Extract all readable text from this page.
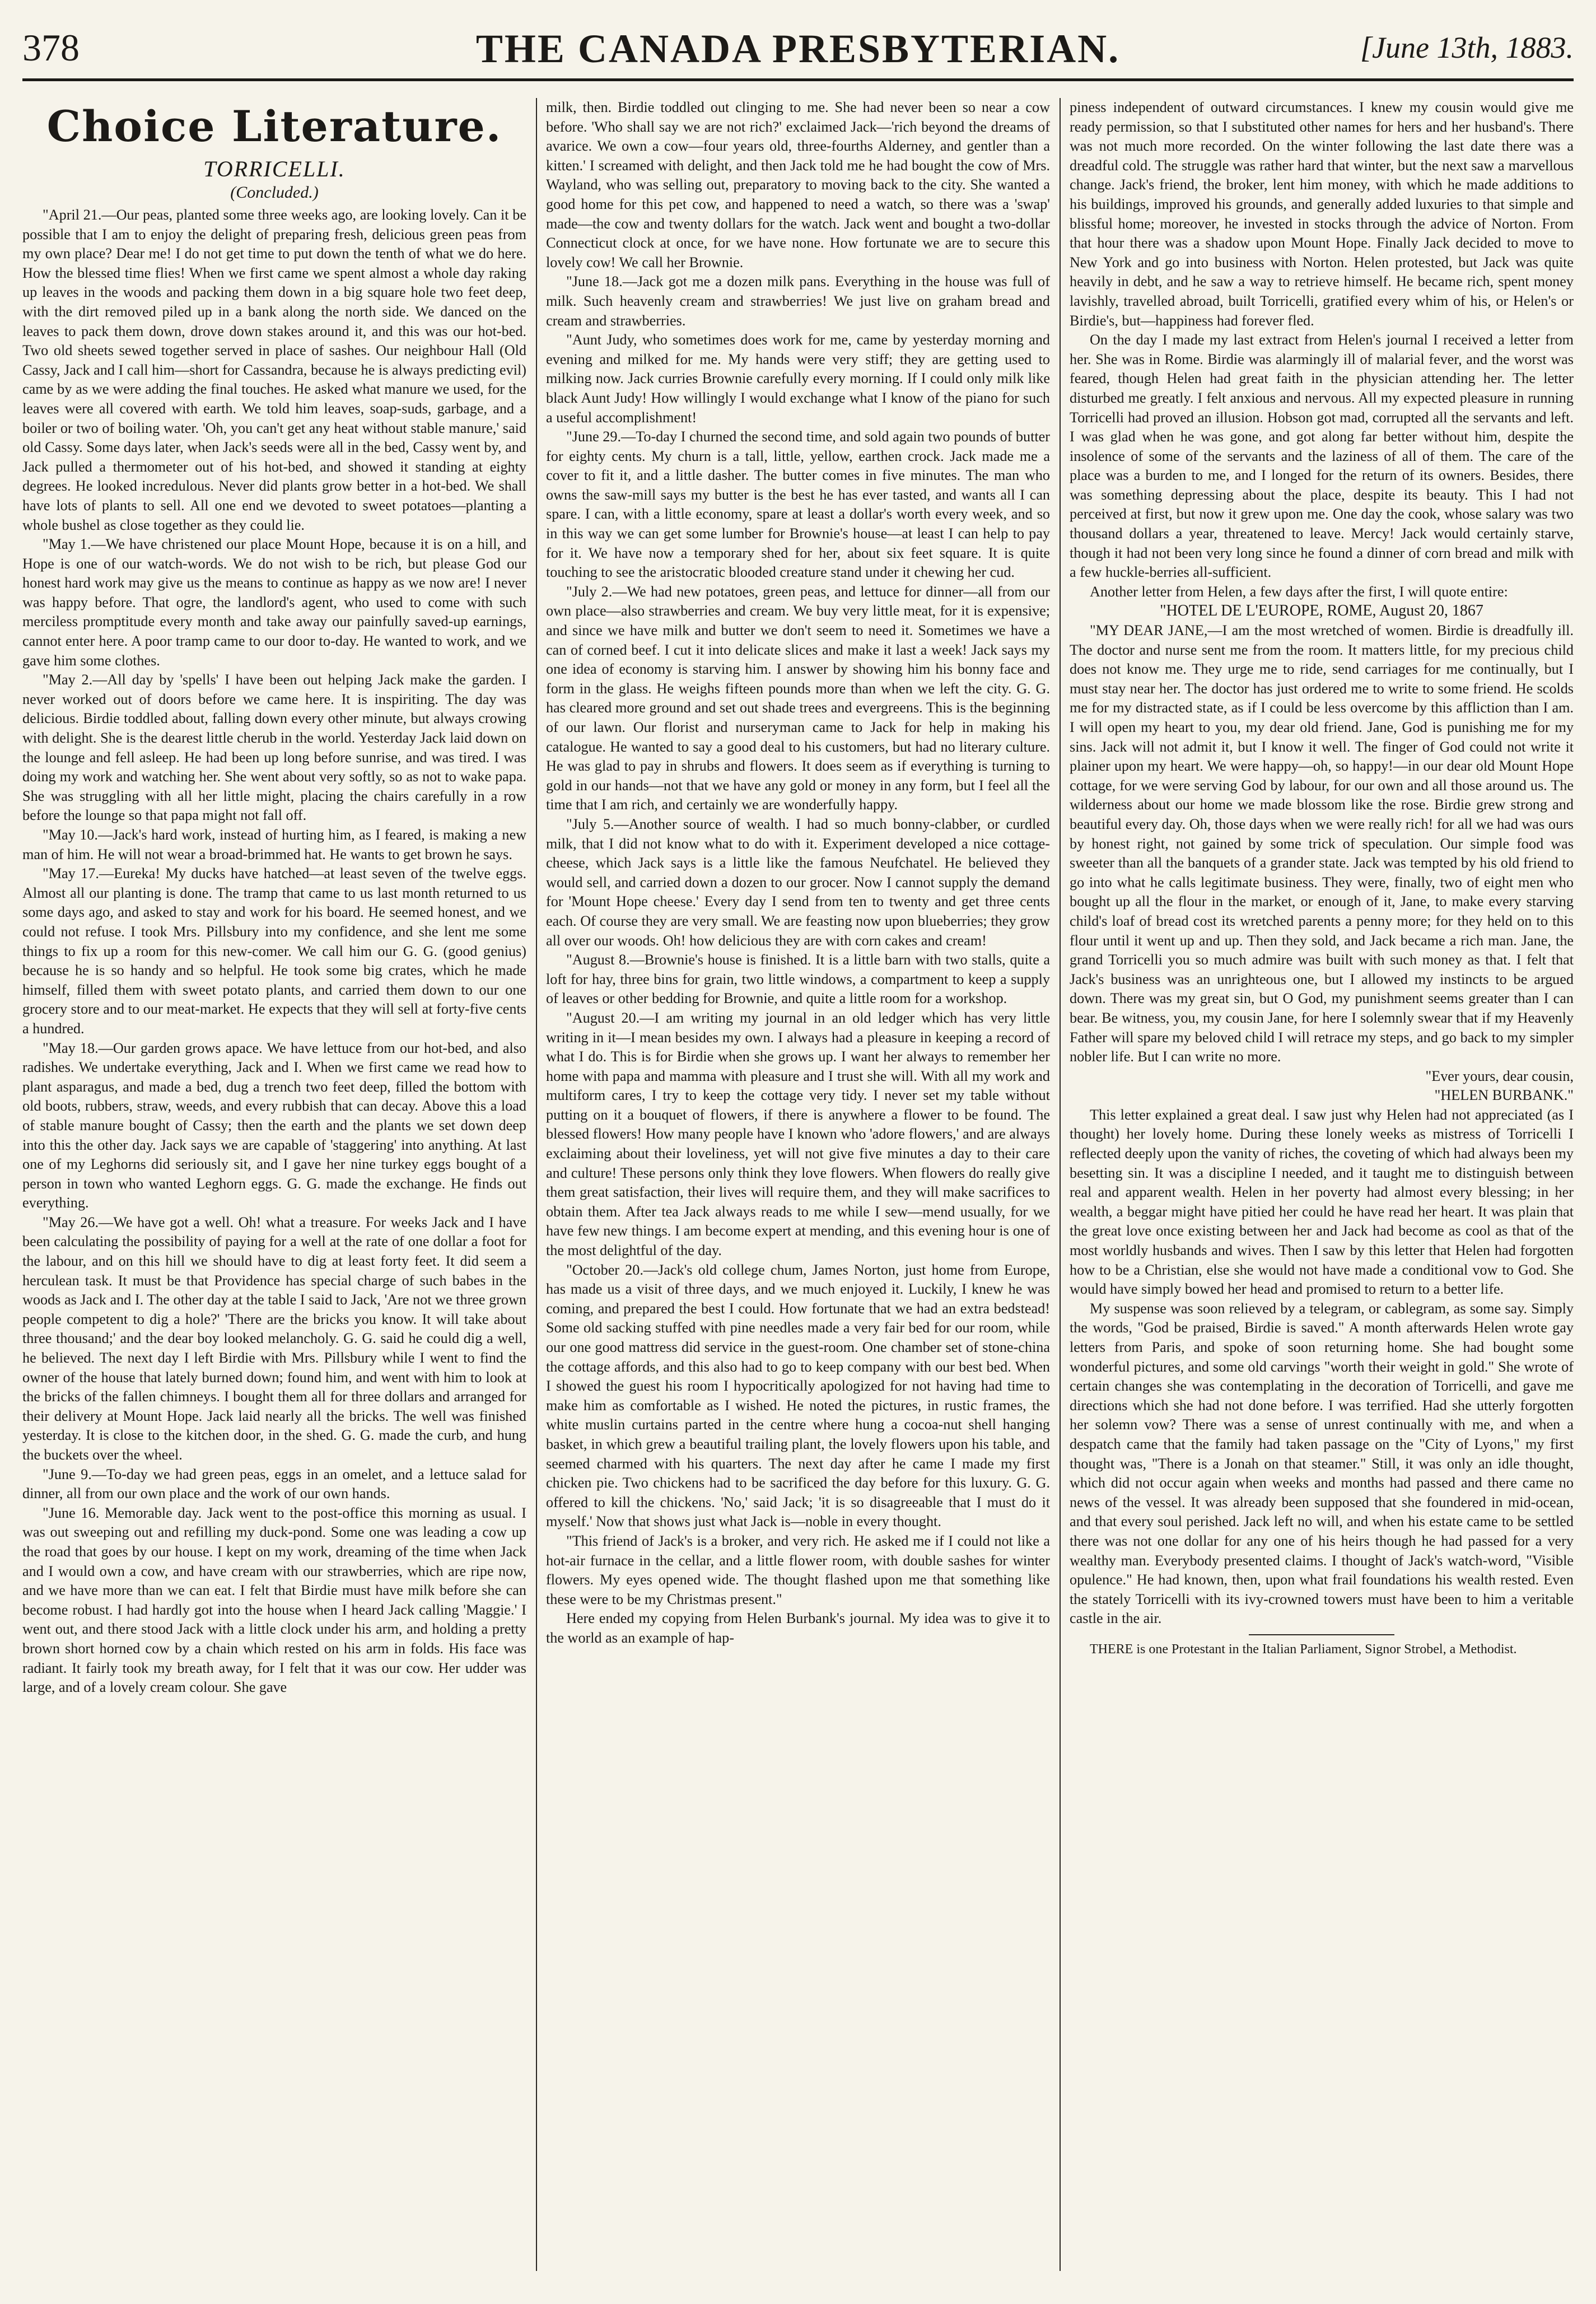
378	THE CANADA PRESBYTERIAN.	[June 13th, 1883.
Choice Literature.
TORRICELLI.
(Concluded.)

"April 21.—Our peas, planted some three weeks ago, are looking lovely. Can it be possible that I am to enjoy the delight of preparing fresh, delicious green peas from my own place? Dear me! I do not get time to put down the tenth of what we do here. How the blessed time flies! When we first came we spent almost a whole day raking up leaves in the woods and packing them down in a big square hole two feet deep, with the dirt removed piled up in a bank along the north side. We danced on the leaves to pack them down, drove down stakes around it, and this was our hot-bed. Two old sheets sewed together served in place of sashes. Our neighbour Hall (Old Cassy, Jack and I call him—short for Cassandra, because he is always predicting evil) came by as we were adding the final touches. He asked what manure we used, for the leaves were all covered with earth. We told him leaves, soap-suds, garbage, and a boiler or two of boiling water. 'Oh, you can't get any heat without stable manure,' said old Cassy. Some days later, when Jack's seeds were all in the bed, Cassy went by, and Jack pulled a thermometer out of his hot-bed, and showed it standing at eighty degrees. He looked incredulous. Never did plants grow better in a hot-bed. We shall have lots of plants to sell. All one end we devoted to sweet potatoes—planting a whole bushel as close together as they could lie.

"May 1.—We have christened our place Mount Hope, because it is on a hill, and Hope is one of our watch-words. We do not wish to be rich, but please God our honest hard work may give us the means to continue as happy as we now are! I never was happy before. That ogre, the landlord's agent, who used to come with such merciless promptitude every month and take away our painfully saved-up earnings, cannot enter here. A poor tramp came to our door to-day. He wanted to work, and we gave him some clothes.

"May 2.—All day by 'spells' I have been out helping Jack make the garden. I never worked out of doors before we came here. It is inspiriting. The day was delicious. Birdie toddled about, falling down every other minute, but always crowing with delight. She is the dearest little cherub in the world. Yesterday Jack laid down on the lounge and fell asleep. He had been up long before sunrise, and was tired. I was doing my work and watching her. She went about very softly, so as not to wake papa. She was struggling with all her little might, placing the chairs carefully in a row before the lounge so that papa might not fall off.

"May 10.—Jack's hard work, instead of hurting him, as I feared, is making a new man of him. He will not wear a broad-brimmed hat. He wants to get brown he says.

"May 17.—Eureka! My ducks have hatched—at least seven of the twelve eggs. Almost all our planting is done. The tramp that came to us last month returned to us some days ago, and asked to stay and work for his board. He seemed honest, and we could not refuse. I took Mrs. Pillsbury into my confidence, and she lent me some things to fix up a room for this new-comer. We call him our G. G. (good genius) because he is so handy and so helpful. He took some big crates, which he made himself, filled them with sweet potato plants, and carried them down to our one grocery store and to our meat-market. He expects that they will sell at forty-five cents a hundred.

"May 18.—Our garden grows apace. We have lettuce from our hot-bed, and also radishes. We undertake everything, Jack and I. When we first came we read how to plant asparagus, and made a bed, dug a trench two feet deep, filled the bottom with old boots, rubbers, straw, weeds, and every rubbish that can decay. Above this a load of stable manure bought of Cassy; then the earth and the plants we set down deep into this the other day. Jack says we are capable of 'staggering' into anything. At last one of my Leghorns did seriously sit, and I gave her nine turkey eggs bought of a person in town who wanted Leghorn eggs. G. G. made the exchange. He finds out everything.

"May 26.—We have got a well. Oh! what a treasure. For weeks Jack and I have been calculating the possibility of paying for a well at the rate of one dollar a foot for the labour, and on this hill we should have to dig at least forty feet. It did seem a herculean task. It must be that Providence has special charge of such babes in the woods as Jack and I. The other day at the table I said to Jack, 'Are not we three grown people competent to dig a hole?' 'There are the bricks you know. It will take about three thousand;' and the dear boy looked melancholy. G. G. said he could dig a well, he believed. The next day I left Birdie with Mrs. Pillsbury while I went to find the owner of the house that lately burned down; found him, and went with him to look at the bricks of the fallen chimneys. I bought them all for three dollars and arranged for their delivery at Mount Hope. Jack laid nearly all the bricks. The well was finished yesterday. It is close to the kitchen door, in the shed. G. G. made the curb, and hung the buckets over the wheel.

"June 9.—To-day we had green peas, eggs in an omelet, and a lettuce salad for dinner, all from our own place and the work of our own hands.

"June 16. Memorable day. Jack went to the post-office this morning as usual. I was out sweeping out and refilling my duck-pond. Some one was leading a cow up the road that goes by our house. I kept on my work, dreaming of the time when Jack and I would own a cow, and have cream with our strawberries, which are ripe now, and we have more than we can eat. I felt that Birdie must have milk before she can become robust. I had hardly got into the house when I heard Jack calling 'Maggie.' I went out, and there stood Jack with a little clock under his arm, and holding a pretty brown short horned cow by a chain which rested on his arm in folds. His face was radiant. It fairly took my breath away, for I felt that it was our cow. Her udder was large, and of a lovely cream colour. She gave

milk, then. Birdie toddled out clinging to me. She had never been so near a cow before. 'Who shall say we are not rich?' exclaimed Jack—'rich beyond the dreams of avarice. We own a cow—four years old, three-fourths Alderney, and gentler than a kitten.' I screamed with delight, and then Jack told me he had bought the cow of Mrs. Wayland, who was selling out, preparatory to moving back to the city. She wanted a good home for this pet cow, and happened to need a watch, so there was a 'swap' made—the cow and twenty dollars for the watch. Jack went and bought a two-dollar Connecticut clock at once, for we have none. How fortunate we are to secure this lovely cow! We call her Brownie.

"June 18.—Jack got me a dozen milk pans. Everything in the house was full of milk. Such heavenly cream and strawberries! We just live on graham bread and cream and strawberries.

"Aunt Judy, who sometimes does work for me, came by yesterday morning and evening and milked for me. My hands were very stiff; they are getting used to milking now. Jack curries Brownie carefully every morning. If I could only milk like black Aunt Judy! How willingly I would exchange what I know of the piano for such a useful accomplishment!

"June 29.—To-day I churned the second time, and sold again two pounds of butter for eighty cents. My churn is a tall, little, yellow, earthen crock. Jack made me a cover to fit it, and a little dasher. The butter comes in five minutes. The man who owns the saw-mill says my butter is the best he has ever tasted, and wants all I can spare. I can, with a little economy, spare at least a dollar's worth every week, and so in this way we can get some lumber for Brownie's house—at least I can help to pay for it. We have now a temporary shed for her, about six feet square. It is quite touching to see the aristocratic blooded creature stand under it chewing her cud.

"July 2.—We had new potatoes, green peas, and lettuce for dinner—all from our own place—also strawberries and cream. We buy very little meat, for it is expensive; and since we have milk and butter we don't seem to need it. Sometimes we have a can of corned beef. I cut it into delicate slices and make it last a week! Jack says my one idea of economy is starving him. I answer by showing him his bonny face and form in the glass. He weighs fifteen pounds more than when we left the city. G. G. has cleared more ground and set out shade trees and evergreens. This is the beginning of our lawn. Our florist and nurseryman came to Jack for help in making his catalogue. He wanted to say a good deal to his customers, but had no literary culture. He was glad to pay in shrubs and flowers. It does seem as if everything is turning to gold in our hands—not that we have any gold or money in any form, but I feel all the time that I am rich, and certainly we are wonderfully happy.

"July 5.—Another source of wealth. I had so much bonny-clabber, or curdled milk, that I did not know what to do with it. Experiment developed a nice cottage-cheese, which Jack says is a little like the famous Neufchatel. He believed they would sell, and carried down a dozen to our grocer. Now I cannot supply the demand for 'Mount Hope cheese.' Every day I send from ten to twenty and get three cents each. Of course they are very small. We are feasting now upon blueberries; they grow all over our woods. Oh! how delicious they are with corn cakes and cream!

"August 8.—Brownie's house is finished. It is a little barn with two stalls, quite a loft for hay, three bins for grain, two little windows, a compartment to keep a supply of leaves or other bedding for Brownie, and quite a little room for a workshop.

"August 20.—I am writing my journal in an old ledger which has very little writing in it—I mean besides my own. I always had a pleasure in keeping a record of what I do. This is for Birdie when she grows up. I want her always to remember her home with papa and mamma with pleasure and I trust she will. With all my work and multiform cares, I try to keep the cottage very tidy. I never set my table without putting on it a bouquet of flowers, if there is anywhere a flower to be found. The blessed flowers! How many people have I known who 'adore flowers,' and are always exclaiming about their loveliness, yet will not give five minutes a day to their care and culture! These persons only think they love flowers. When flowers do really give them great satisfaction, their lives will require them, and they will make sacrifices to obtain them. After tea Jack always reads to me while I sew—mend usually, for we have few new things. I am become expert at mending, and this evening hour is one of the most delightful of the day.

"October 20.—Jack's old college chum, James Norton, just home from Europe, has made us a visit of three days, and we much enjoyed it. Luckily, I knew he was coming, and prepared the best I could. How fortunate that we had an extra bedstead! Some old sacking stuffed with pine needles made a very fair bed for our room, while our one good mattress did service in the guest-room. One chamber set of stone-china the cottage affords, and this also had to go to keep company with our best bed. When I showed the guest his room I hypocritically apologized for not having had time to make him as comfortable as I wished. He noted the pictures, in rustic frames, the white muslin curtains parted in the centre where hung a cocoa-nut shell hanging basket, in which grew a beautiful trailing plant, the lovely flowers upon his table, and seemed charmed with his quarters. The next day after he came I made my first chicken pie. Two chickens had to be sacrificed the day before for this luxury. G. G. offered to kill the chickens. 'No,' said Jack; 'it is so disagreeable that I must do it myself.' Now that shows just what Jack is—noble in every thought.

"This friend of Jack's is a broker, and very rich. He asked me if I could not like a hot-air furnace in the cellar, and a little flower room, with double sashes for winter flowers. My eyes opened wide. The thought flashed upon me that something like these were to be my Christmas present."

Here ended my copying from Helen Burbank's journal. My idea was to give it to the world as an example of hap-

piness independent of outward circumstances. I knew my cousin would give me ready permission, so that I substituted other names for hers and her husband's. There was not much more recorded. On the winter following the last date there was a dreadful cold. The struggle was rather hard that winter, but the next saw a marvellous change. Jack's friend, the broker, lent him money, with which he made additions to his buildings, improved his grounds, and generally added luxuries to that simple and blissful home; moreover, he invested in stocks through the advice of Norton. From that hour there was a shadow upon Mount Hope. Finally Jack decided to move to New York and go into business with Norton. Helen protested, but Jack was quite heavily in debt, and he saw a way to retrieve himself. He became rich, spent money lavishly, travelled abroad, built Torricelli, gratified every whim of his, or Helen's or Birdie's, but—happiness had forever fled.

On the day I made my last extract from Helen's journal I received a letter from her. She was in Rome. Birdie was alarmingly ill of malarial fever, and the worst was feared, though Helen had great faith in the physician attending her. The letter disturbed me greatly. I felt anxious and nervous. All my expected pleasure in running Torricelli had proved an illusion. Hobson got mad, corrupted all the servants and left. I was glad when he was gone, and got along far better without him, despite the insolence of some of the servants and the laziness of all of them. The care of the place was a burden to me, and I longed for the return of its owners. Besides, there was something depressing about the place, despite its beauty. This I had not perceived at first, but now it grew upon me. One day the cook, whose salary was two thousand dollars a year, threatened to leave. Mercy! Jack would certainly starve, though it had not been very long since he found a dinner of corn bread and milk with a few huckle-berries all-sufficient.

Another letter from Helen, a few days after the first, I will quote entire:

"HOTEL DE L'EUROPE, ROME, August 20, 1867

"MY DEAR JANE,—I am the most wretched of women. Birdie is dreadfully ill. The doctor and nurse sent me from the room. It matters little, for my precious child does not know me. They urge me to ride, send carriages for me continually, but I must stay near her. The doctor has just ordered me to write to some friend. He scolds me for my distracted state, as if I could be less overcome by this affliction than I am. I will open my heart to you, my dear old friend. Jane, God is punishing me for my sins. Jack will not admit it, but I know it well. The finger of God could not write it plainer upon my heart. We were happy—oh, so happy!—in our dear old Mount Hope cottage, for we were serving God by labour, for our own and all those around us. The wilderness about our home we made blossom like the rose. Birdie grew strong and beautiful every day. Oh, those days when we were really rich! for all we had was ours by honest right, not gained by some trick of speculation. Our simple food was sweeter than all the banquets of a grander state. Jack was tempted by his old friend to go into what he calls legitimate business. They were, finally, two of eight men who bought up all the flour in the market, or enough of it, Jane, to make every starving child's loaf of bread cost its wretched parents a penny more; for they held on to this flour until it went up and up. Then they sold, and Jack became a rich man. Jane, the grand Torricelli you so much admire was built with such money as that. I felt that Jack's business was an unrighteous one, but I allowed my instincts to be argued down. There was my great sin, but O God, my punishment seems greater than I can bear. Be witness, you, my cousin Jane, for here I solemnly swear that if my Heavenly Father will spare my beloved child I will retrace my steps, and go back to my simpler nobler life. But I can write no more.

"Ever yours, dear cousin,

"HELEN BURBANK."

This letter explained a great deal. I saw just why Helen had not appreciated (as I thought) her lovely home. During these lonely weeks as mistress of Torricelli I reflected deeply upon the vanity of riches, the coveting of which had always been my besetting sin. It was a discipline I needed, and it taught me to distinguish between real and apparent wealth. Helen in her poverty had almost every blessing; in her wealth, a beggar might have pitied her could he have read her heart. It was plain that the great love once existing between her and Jack had become as cool as that of the most worldly husbands and wives. Then I saw by this letter that Helen had forgotten how to be a Christian, else she would not have made a conditional vow to God. She would have simply bowed her head and promised to return to a better life.

My suspense was soon relieved by a telegram, or cablegram, as some say. Simply the words, "God be praised, Birdie is saved." A month afterwards Helen wrote gay letters from Paris, and spoke of soon returning home. She had bought some wonderful pictures, and some old carvings "worth their weight in gold." She wrote of certain changes she was contemplating in the decoration of Torricelli, and gave me directions which she had not done before. I was terrified. Had she utterly forgotten her solemn vow? There was a sense of unrest continually with me, and when a despatch came that the family had taken passage on the "City of Lyons," my first thought was, "There is a Jonah on that steamer." Still, it was only an idle thought, which did not occur again when weeks and months had passed and there came no news of the vessel. It was already been supposed that she foundered in mid-ocean, and that every soul perished. Jack left no will, and when his estate came to be settled there was not one dollar for any one of his heirs though he had passed for a very wealthy man. Everybody presented claims. I thought of Jack's watch-word, "Visible opulence." He had known, then, upon what frail foundations his wealth rested. Even the stately Torricelli with its ivy-crowned towers must have been to him a veritable castle in the air.

THERE is one Protestant in the Italian Parliament, Signor Strobel, a Methodist.
